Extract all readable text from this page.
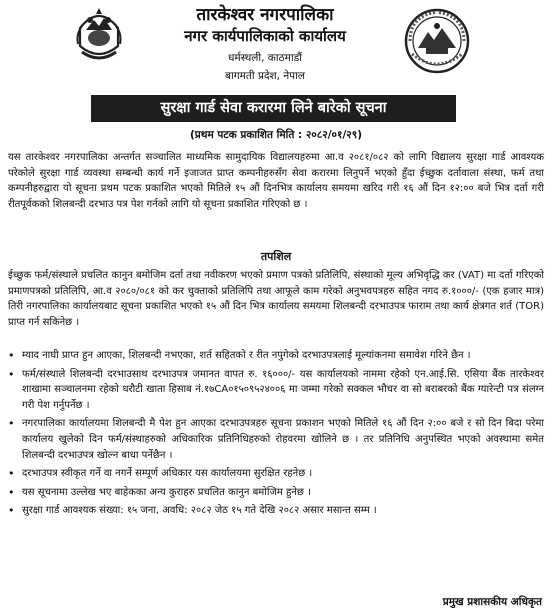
तारकेश्वर नगरपालिका
नगर कार्यपालिकाको कार्यालय
धर्मस्थली, काठमाडौं
बागमती प्रदेश, नेपाल
सुरक्षा गार्ड सेवा करारमा लिने बारेको सूचना
(प्रथम पटक प्रकाशित मिति : २०८२/०१/२९)
यस तारकेश्वर नगरपालिका अन्तर्गत सञ्चालित माध्यमिक सामुदायिक विद्यालयहरुमा आ.व २०८१/०८२ को लागि विद्यालय सुरक्षा गार्ड आवश्यक परेकोले सुरक्षा गार्ड व्यवस्था सम्बन्धी कार्य गर्ने इजाजत प्राप्त कम्पनीहरुसँग सेवा करारमा लिनुपर्ने भएको हुँदा ईच्छुक दर्तावाला संस्था, फर्म तथा कम्पनीहरुद्वारा यो सूचना प्रथम पटक प्रकाशित भएको मितिले १५ औं दिनभित्र कार्यालय समयमा खरिद गरी १६ औं दिन १२:०० बजे भित्र दर्ता गरी रीतपूर्वकको शिलबन्दी दरभाउ पत्र पेश गर्नको लागि यो सूचना प्रकाशित गरिएको छ ।
तपशिल
ईच्छुक फर्म/संस्थाले प्रचलित कानुन बमोजिम दर्ता तथा नवीकरण भएको प्रमाण पत्रको प्रतिलिपि, संस्थाको मूल्य अभिवृद्धि कर (VAT) मा दर्ता गरिएको प्रमाणपत्रको प्रतिलिपि, आ.व २०८०/०८१ को कर चुक्ताको प्रतिलिपि तथा आफूले काम गरेको अनुभवपत्रहरु सहित नगद रु.१०००/- (एक हजार मात्र) तिरी नगरपालिका कार्यालयबाट सूचना प्रकाशित भएको १५ औं दिन भित्र कार्यालय समयमा शिलबन्दी दरभाउपत्र फाराम तथा कार्य क्षेत्रगत शर्त (TOR) प्राप्त गर्न सकिनेछ ।
• म्याद नाघी प्राप्त हुन आएका, शिलबन्दी नभएका, शर्त सहितको र रीत नपुगेको दरभाउपत्रलाई मूल्यांकनमा समावेश गरिने छैन ।
• फर्म/संस्थाले शिलबन्दी दरभाउसाथ दरभाउपत्र जमानत वापत रु. १६०००/- यस कार्यालयको नाममा रहेको एन.आई.सि. एसिया बैंक तारकेश्वर शाखामा सञ्चालनमा रहेको धरौटी खाता हिसाब नं.१७CA०१५०९५२४००६ मा जम्मा गरेको सक्कल भौचर वा सो बराबरको बैंक ग्यारेन्टी पत्र संलग्न गरी पेश गर्नुपर्नेछ ।
• नगरपालिका कार्यालयमा शिलबन्दी मै पेश हुन आएका दरभाउपत्रहरु सूचना प्रकाशन भएको मितिले १६ औं दिन २:०० बजे र सो दिन बिदा परेमा कार्यालय खुलेको दिन फर्म/संस्थाहरुको अधिकारिक प्रतिनिधिहरुको रोहवरमा खोलिने छ । तर प्रतिनिधि अनुपस्थित भएको अवस्थामा समेत शिलबन्दी दरभाउपत्र खोल्न बाधा पर्नेछैन ।
• दरभाउपत्र स्वीकृत गर्ने वा नगर्ने सम्पूर्ण अधिकार यस कार्यालयमा सुरक्षित रहनेछ ।
• यस सूचनामा उल्लेख भए बाहेकका अन्य कुराहरु प्रचलित कानुन बमोजिम हुनेछ ।
• सुरक्षा गार्ड आवश्यक संख्या: १५ जना, अवधि: २०८२ जेठ १५ गते देखि २०८२ असार मसान्त सम्म ।
प्रमुख प्रशासकीय अधिकृत
